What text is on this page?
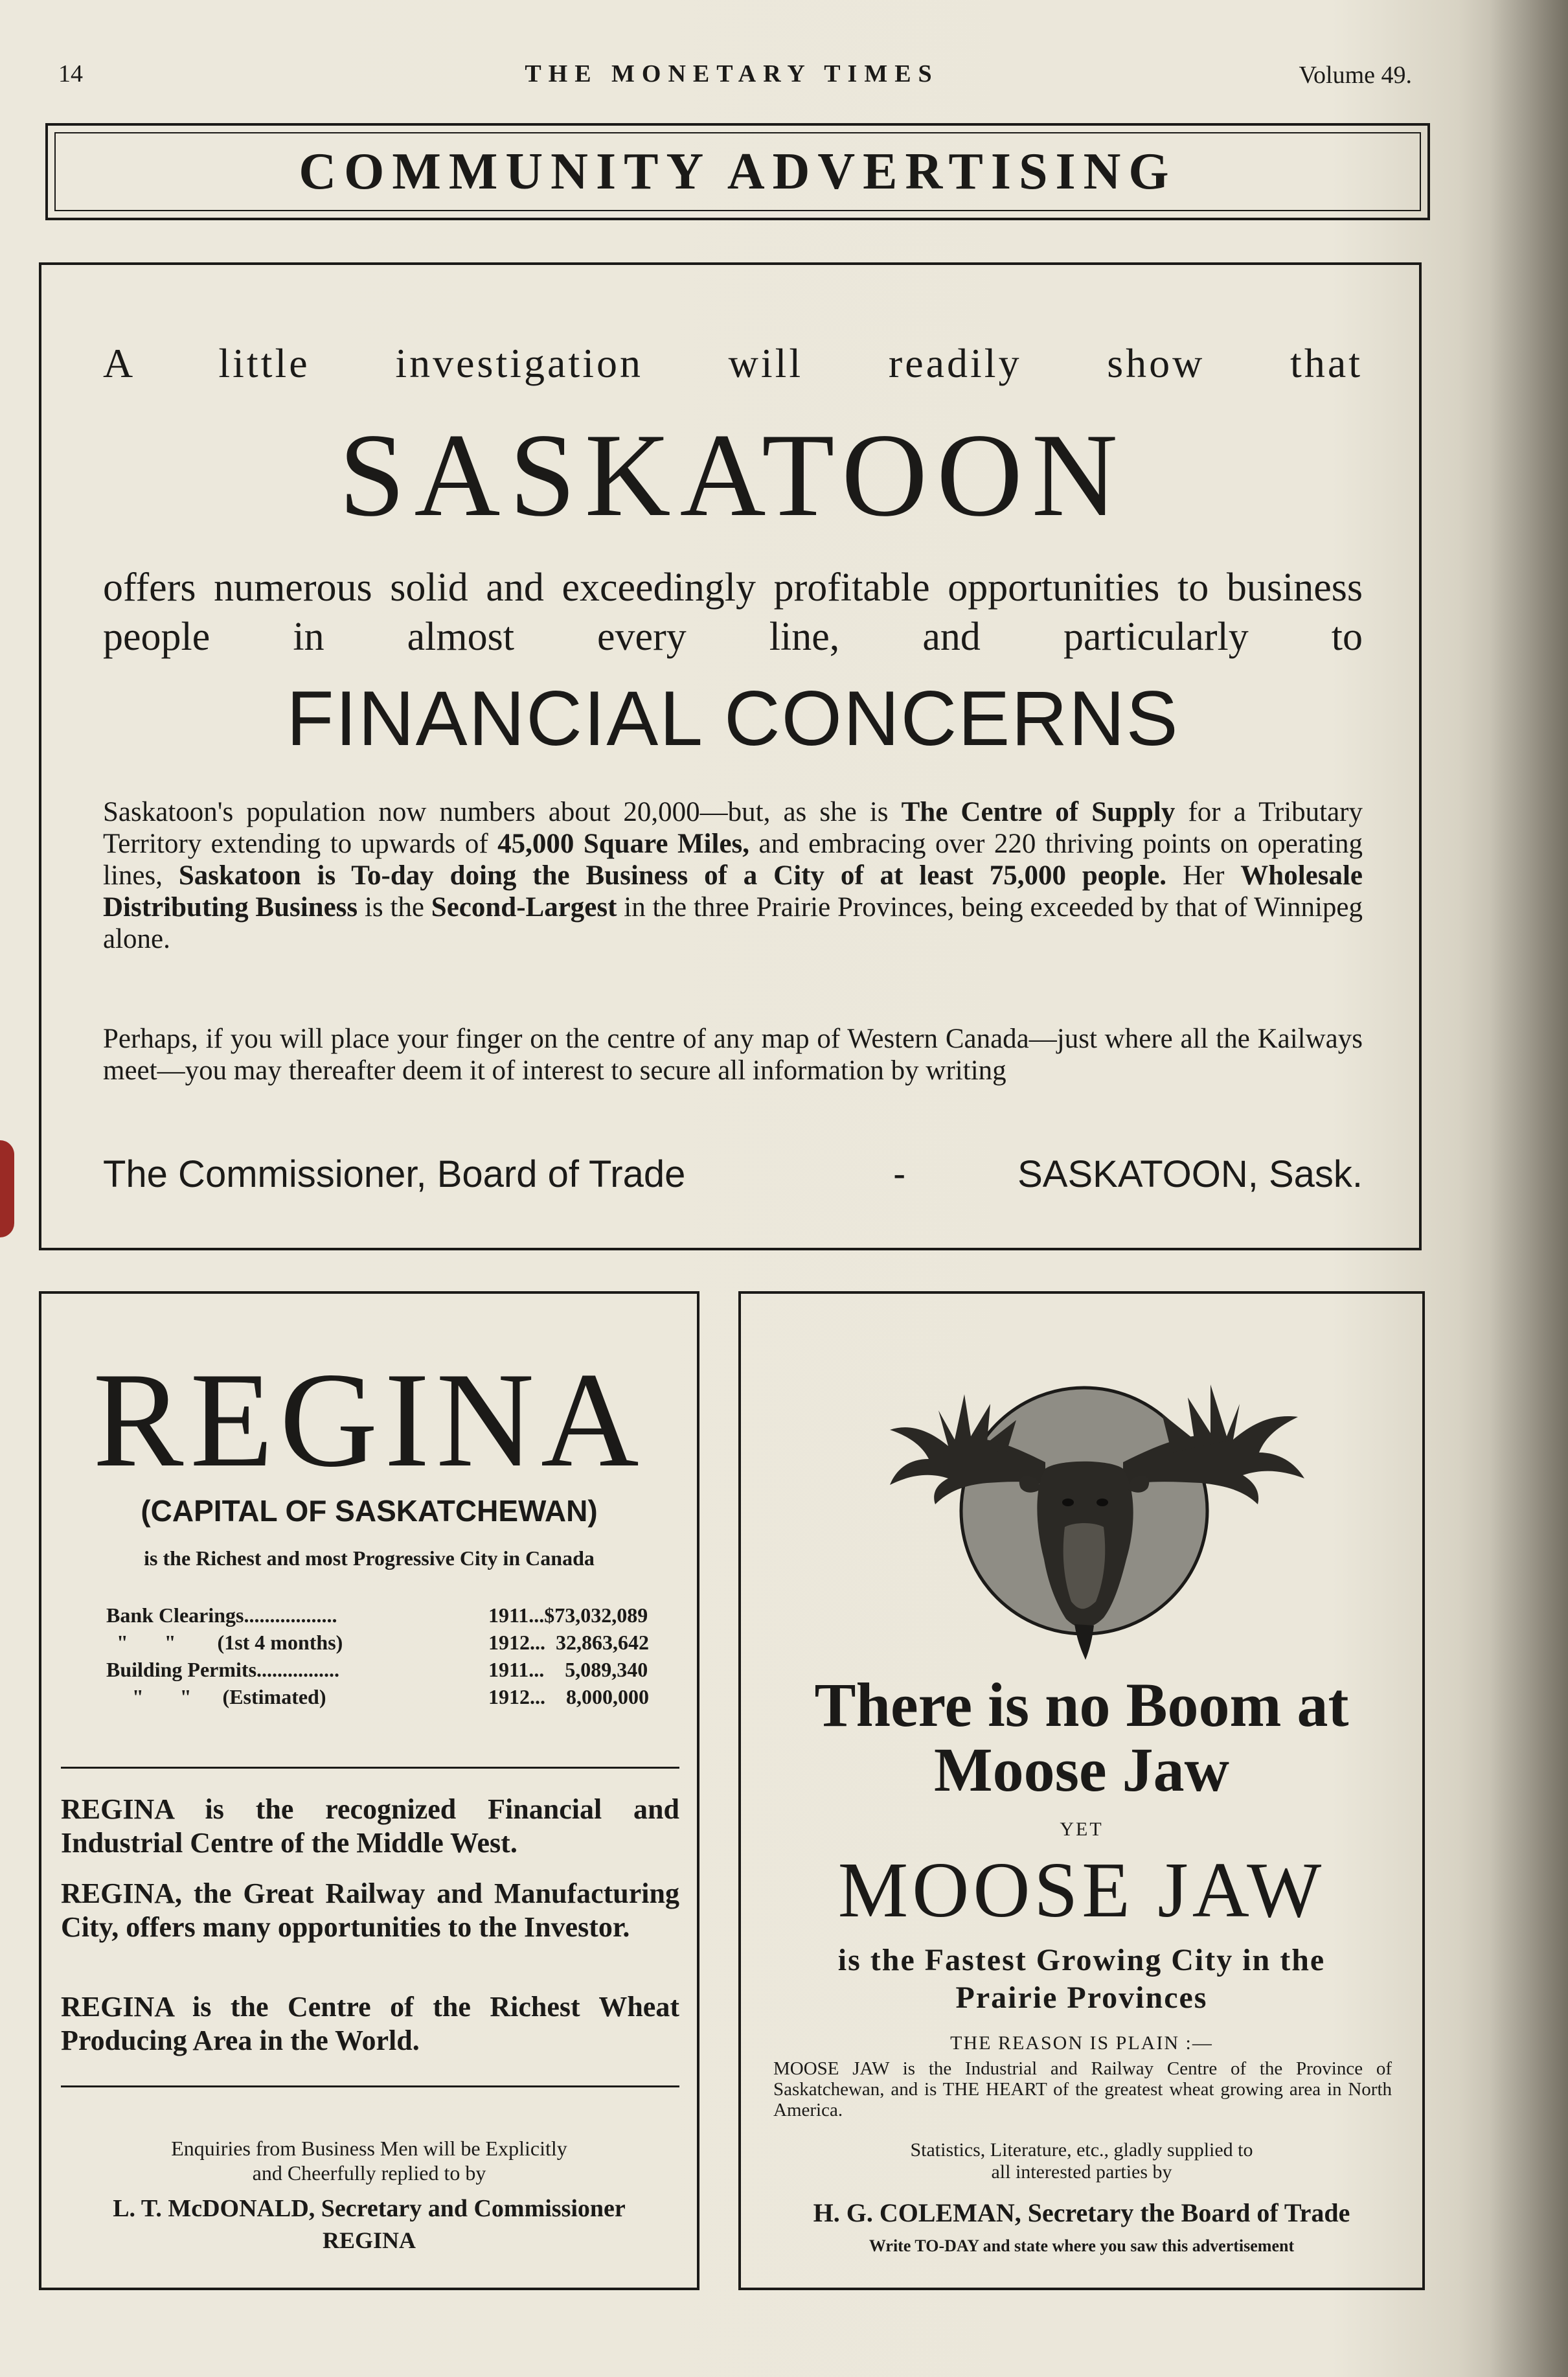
14	THE MONETARY TIMES	Volume 49.
COMMUNITY ADVERTISING
A little investigation will readily show that
SASKATOON
offers numerous solid and exceedingly profitable opportunities to business people in almost every line, and particularly to
FINANCIAL CONCERNS
Saskatoon's population now numbers about 20,000—but, as she is The Centre of Supply for a Tributary Territory extending to upwards of 45,000 Square Miles, and embracing over 220 thriving points on operating lines, Saskatoon is To-day doing the Business of a City of at least 75,000 people. Her Wholesale Distributing Business is the Second-Largest in the three Prairie Provinces, being exceeded by that of Winnipeg alone.
Perhaps, if you will place your finger on the centre of any map of Western Canada—just where all the Kailways meet—you may thereafter deem it of interest to secure all information by writing
The Commissioner, Board of Trade	-	SASKATOON, Sask.
REGINA
(CAPITAL OF SASKATCHEWAN)
is the Richest and most Progressive City in Canada
Bank Clearings..................	1911...$73,032,089
"       "        (1st 4 months)	1912...  32,863,642
Building Permits................	1911...    5,089,340
"       "      (Estimated)	1912...    8,000,000
REGINA is the recognized Financial and Industrial Centre of the Middle West.
REGINA, the Great Railway and Manufacturing City, offers many opportunities to the Investor.
REGINA is the Centre of the Richest Wheat Producing Area in the World.
Enquiries from Business Men will be Explicitly and Cheerfully replied to by
L. T. McDONALD, Secretary and Commissioner
REGINA
There is no Boom at Moose Jaw
YET
MOOSE JAW
is the Fastest Growing City in the Prairie Provinces
THE REASON IS PLAIN :—
MOOSE JAW is the Industrial and Railway Centre of the Province of Saskatchewan, and is THE HEART of the greatest wheat growing area in North America.
Statistics, Literature, etc., gladly supplied to all interested parties by
H. G. COLEMAN, Secretary the Board of Trade
Write TO-DAY and state where you saw this advertisement
